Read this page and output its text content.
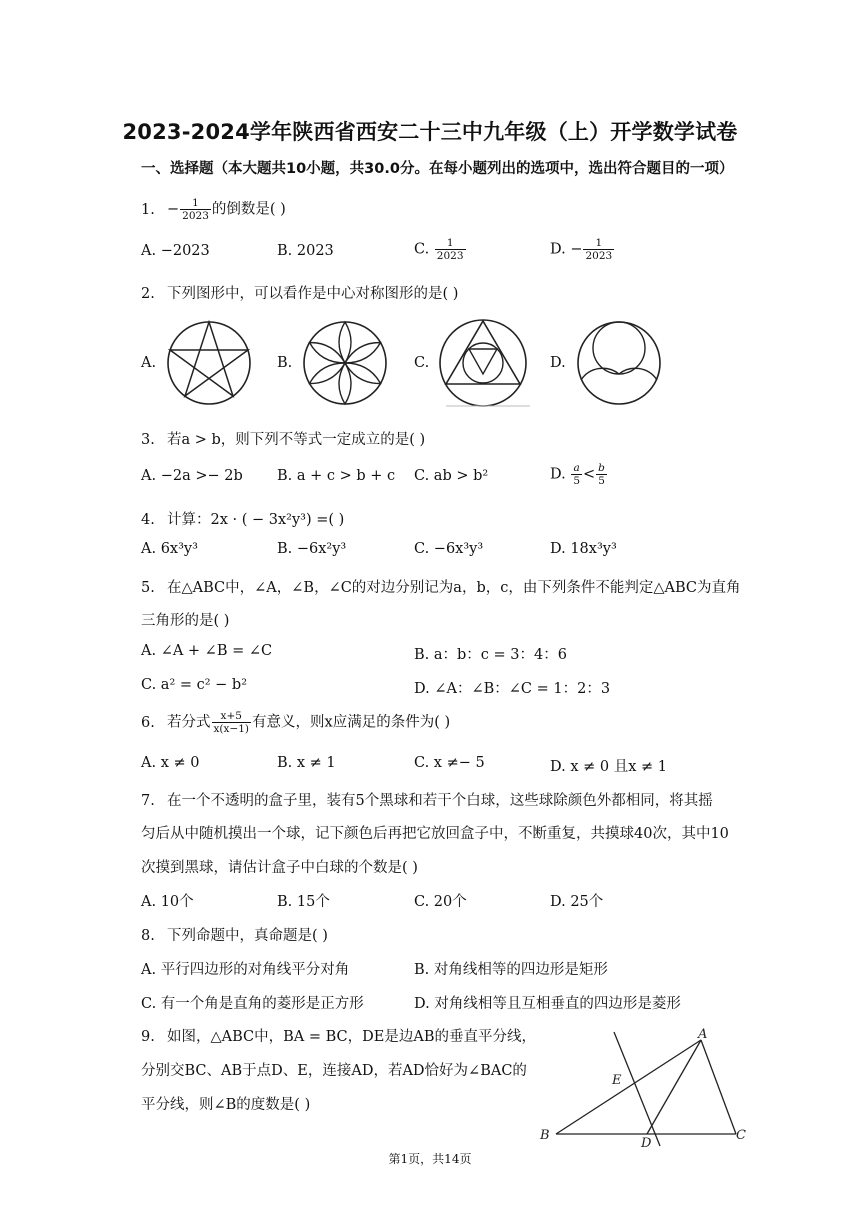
2023-2024学年陕西省西安二十三中九年级（上）开学数学试卷
一、选择题（本大题共10小题，共30.0分。在每小题列出的选项中，选出符合题目的一项）
1. − $\frac{1}{2023}$ 的倒数是( )
A. −2023	B. 2023	C. $\frac{1}{2023}$	D. − $\frac{1}{2023}$
2. 下列图形中，可以看作是中心对称图形的是( )
A.	B.	C.	D.
3. 若a > b，则下列不等式一定成立的是( )
A. −2a >− 2b B. a + c > b + c C. ab > b²	D. $\frac{a}{5} < \frac{b}{5}$
4. 计算：2x · ( − 3x²y³) =( )
A. 6x³y³	B. −6x²y³	C. −6x³y³	D. 18x³y³
5. 在△ABC中，∠A，∠B，∠C的对边分别记为a，b，c，由下列条件不能判定△ABC为直角
三角形的是( )
A. ∠A + ∠B = ∠C	B. a：b：c = 3：4：6
C. a² = c² − b²	D. ∠A：∠B：∠C = 1：2：3
6. 若分式 $\frac{x+5}{x(x-1)}$ 有意义，则x应满足的条件为( )
A. x ≠ 0	B. x ≠ 1	C. x ≠− 5	D. x ≠ 0 且x ≠ 1
7. 在一个不透明的盒子里，装有5个黑球和若干个白球，这些球除颜色外都相同，将其摇
匀后从中随机摸出一个球，记下颜色后再把它放回盒子中，不断重复，共摸球40次，其中10
次摸到黑球，请估计盒子中白球的个数是( )
A. 10个	B. 15个	C. 20个	D. 25个
8. 下列命题中，真命题是( )
A. 平行四边形的对角线平分对角	B. 对角线相等的四边形是矩形
C. 有一个角是直角的菱形是正方形	D. 对角线相等且互相垂直的四边形是菱形
9. 如图，△ABC中，BA = BC，DE是边AB的垂直平分线，
分别交BC、AB于点D、E，连接AD，若AD恰好为∠BAC的
平分线，则∠B的度数是( )
A
B	C
D
E
第1页，共14页
